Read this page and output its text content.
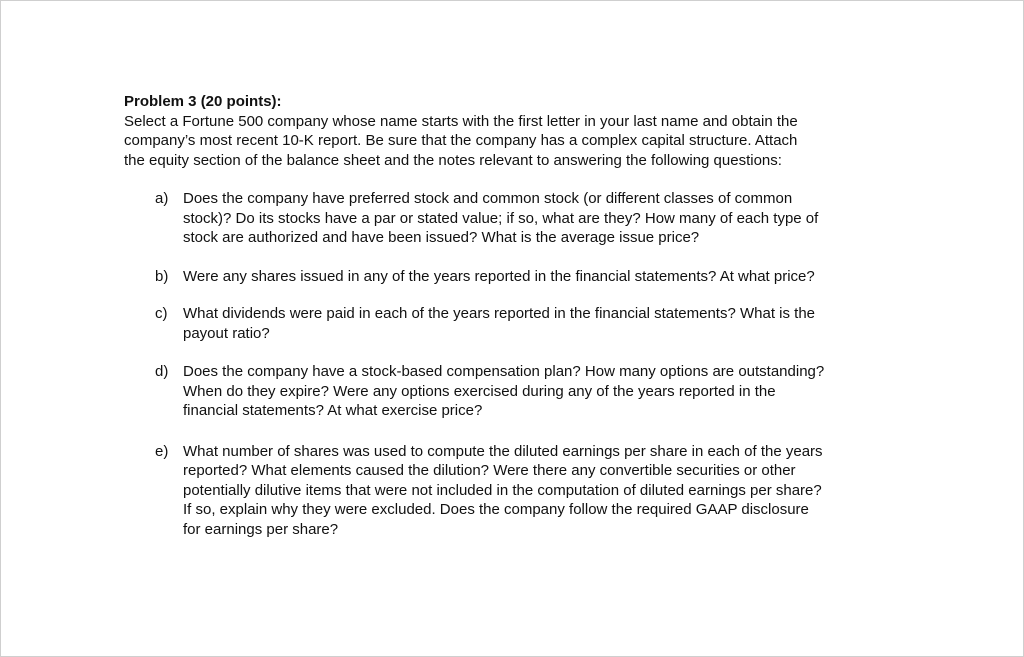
Problem 3 (20 points):

Select a Fortune 500 company whose name starts with the first letter in your last name and obtain the
company’s most recent 10-K report. Be sure that the company has a complex capital structure. Attach
the equity section of the balance sheet and the notes relevant to answering the following questions:

a) Does the company have preferred stock and common stock (or different classes of common
stock)? Do its stocks have a par or stated value; if so, what are they? How many of each type of
stock are authorized and have been issued? What is the average issue price?
b) Were any shares issued in any of the years reported in the financial statements? At what price?
c) What dividends were paid in each of the years reported in the financial statements? What is the
payout ratio?
d) Does the company have a stock-based compensation plan? How many options are outstanding?
When do they expire? Were any options exercised during any of the years reported in the
financial statements? At what exercise price?
e) What number of shares was used to compute the diluted earnings per share in each of the years
reported? What elements caused the dilution? Were there any convertible securities or other
potentially dilutive items that were not included in the computation of diluted earnings per share?
If so, explain why they were excluded. Does the company follow the required GAAP disclosure
for earnings per share?
